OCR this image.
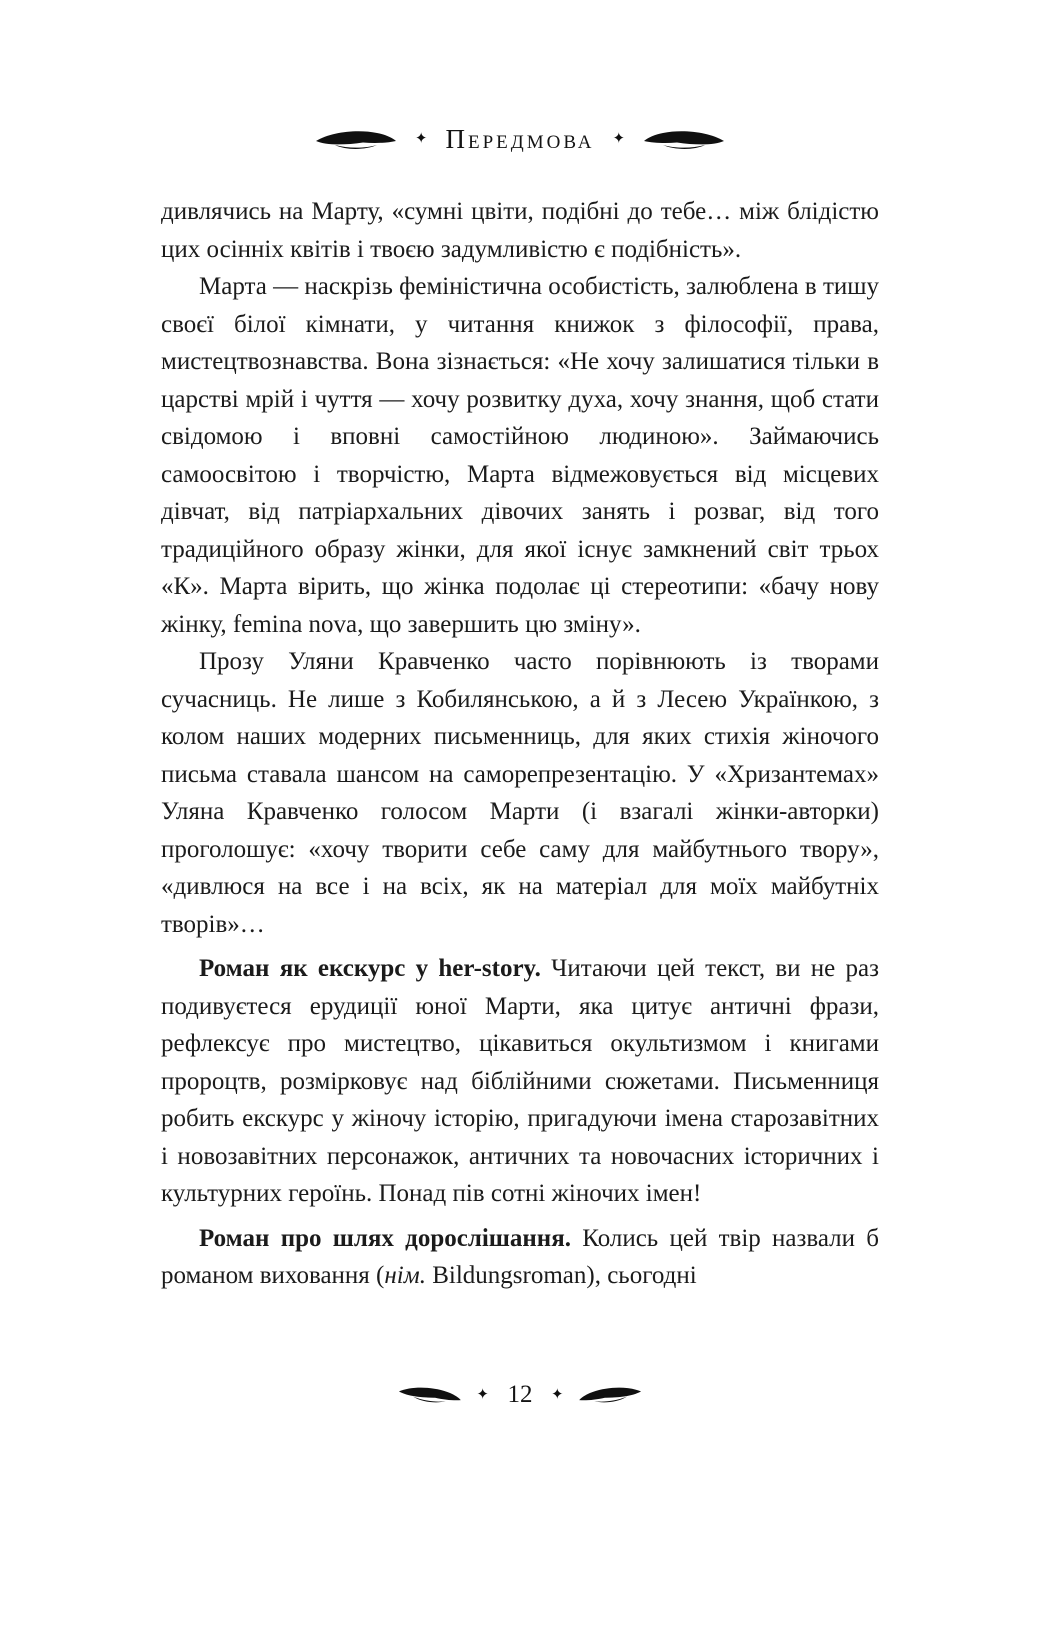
✦ Передмова ✦

дивлячись на Марту, «сумні цвіти, подібні до тебе… між блідістю цих осінніх квітів і твоєю задумливістю є подібність».

Марта — наскрізь феміністична особистість, залюблена в тишу своєї білої кімнати, у читання книжок з філософії, права, мистецтвознавства. Вона зізнається: «Не хочу залишатися тільки в царстві мрій і чуття — хочу розвитку духа, хочу знання, щоб стати свідомою і вповні самостійною людиною». Займаючись самоосвітою і творчістю, Марта відмежовується від місцевих дівчат, від патріархальних дівочих занять і розваг, від того традиційного образу жінки, для якої існує замкнений світ трьох «К». Марта вірить, що жінка подолає ці стереотипи: «бачу нову жінку, femina nova, що завершить цю зміну».

Прозу Уляни Кравченко часто порівнюють із творами сучасниць. Не лише з Кобилянською, а й з Лесею Українкою, з колом наших модерних письменниць, для яких стихія жіночого письма ставала шансом на саморепрезентацію. У «Хризантемах» Уляна Кравченко голосом Марти (і взагалі жінки-авторки) проголошує: «хочу творити себе саму для майбутнього твору», «дивлюся на все і на всіх, як на матеріал для моїх майбутніх творів»…

Роман як екскурс у her-story. Читаючи цей текст, ви не раз подивуєтеся ерудиції юної Марти, яка цитує античні фрази, рефлексує про мистецтво, цікавиться окультизмом і книгами пророцтв, розмірковує над біблійними сюжетами. Письменниця робить екскурс у жіночу історію, пригадуючи імена старозавітних і новозавітних персонажок, античних та новочасних історичних і культурних героїнь. Понад пів сотні жіночих імен!

Роман про шлях дорослішання. Колись цей твір назвали б романом виховання (нім. Bildungsroman), сьогодні

✦ 12	✦
